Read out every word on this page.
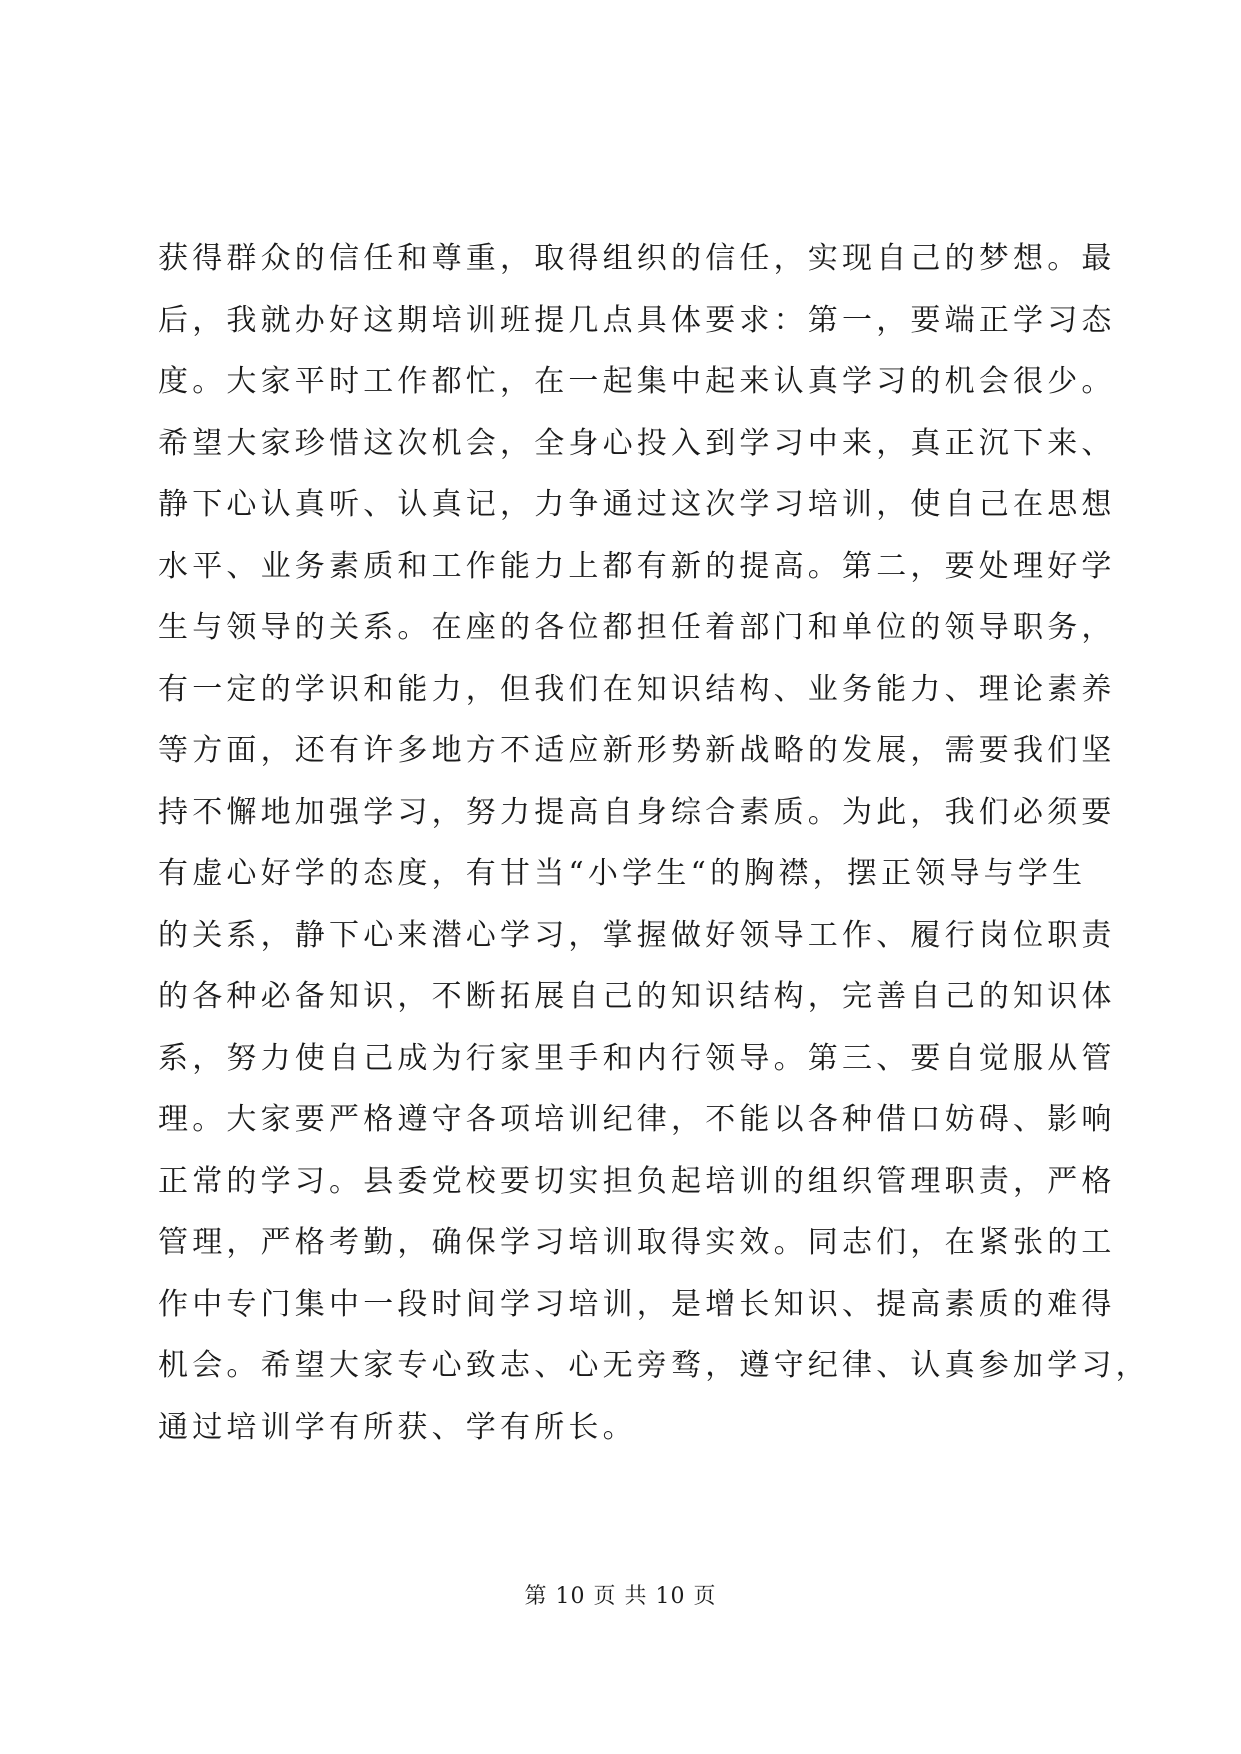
获得群众的信任和尊重，取得组织的信任，实现自己的梦想。最
后，我就办好这期培训班提几点具体要求：第一，要端正学习态
度。大家平时工作都忙，在一起集中起来认真学习的机会很少。
希望大家珍惜这次机会，全身心投入到学习中来，真正沉下来、
静下心认真听、认真记，力争通过这次学习培训，使自己在思想
水平、业务素质和工作能力上都有新的提高。第二，要处理好学
生与领导的关系。在座的各位都担任着部门和单位的领导职务，
有一定的学识和能力，但我们在知识结构、业务能力、理论素养
等方面，还有许多地方不适应新形势新战略的发展，需要我们坚
持不懈地加强学习，努力提高自身综合素质。为此，我们必须要
有虚心好学的态度，有甘当“小学生“的胸襟，摆正领导与学生
的关系，静下心来潜心学习，掌握做好领导工作、履行岗位职责
的各种必备知识，不断拓展自己的知识结构，完善自己的知识体
系，努力使自己成为行家里手和内行领导。第三、要自觉服从管
理。大家要严格遵守各项培训纪律，不能以各种借口妨碍、影响
正常的学习。县委党校要切实担负起培训的组织管理职责，严格
管理，严格考勤，确保学习培训取得实效。同志们，在紧张的工
作中专门集中一段时间学习培训，是增长知识、提高素质的难得
机会。希望大家专心致志、心无旁骛，遵守纪律、认真参加学习，
通过培训学有所获、学有所长。
第 10 页 共 10 页
